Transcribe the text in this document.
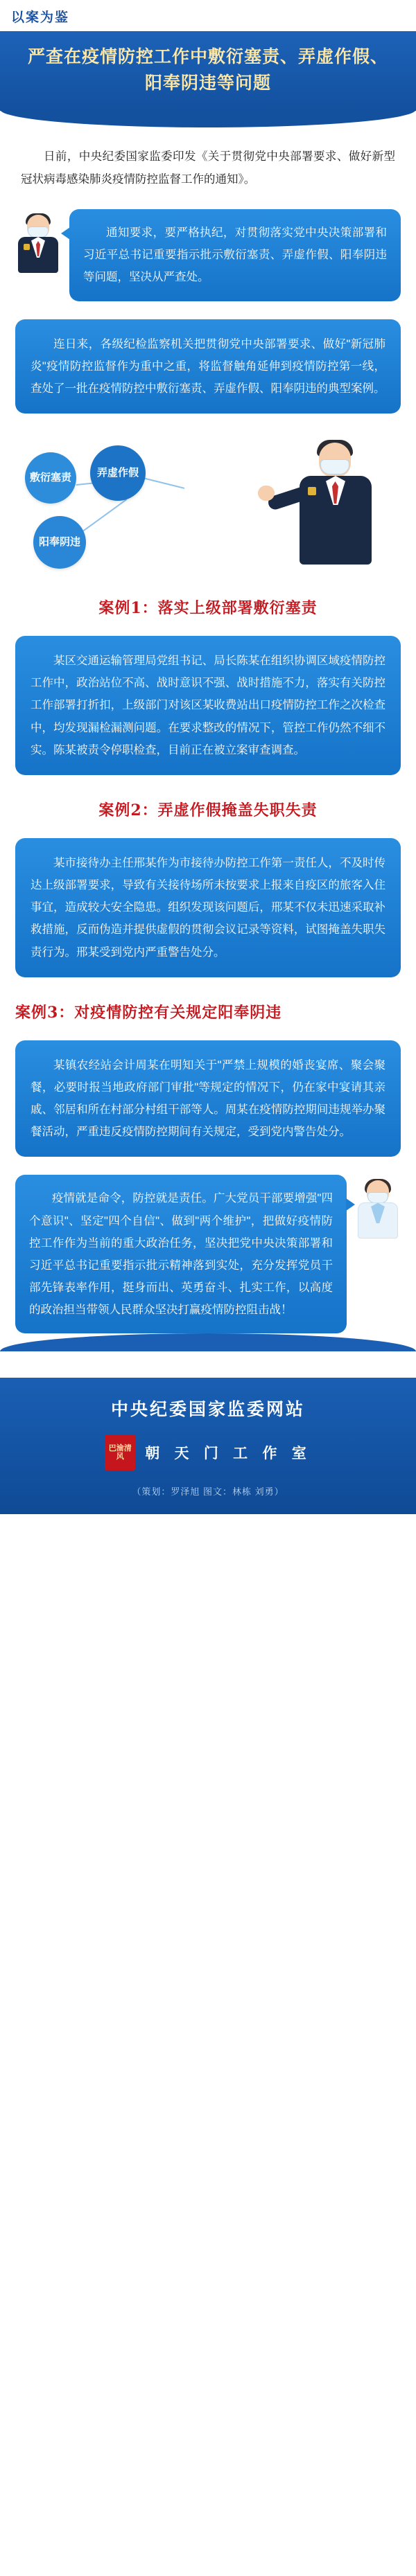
以案为鉴
严查在疫情防控工作中敷衍塞责、弄虚作假、阳奉阴违等问题

日前，中央纪委国家监委印发《关于贯彻党中央部署要求、做好新型冠状病毒感染肺炎疫情防控监督工作的通知》。

通知要求，要严格执纪，对贯彻落实党中央决策部署和习近平总书记重要指示批示敷衍塞责、弄虚作假、阳奉阴违等问题，坚决从严查处。
连日来，各级纪检监察机关把贯彻党中央部署要求、做好"新冠肺炎"疫情防控监督作为重中之重，将监督触角延伸到疫情防控第一线，查处了一批在疫情防控中敷衍塞责、弄虚作假、阳奉阴违的典型案例。
敷衍塞责 弄虚作假
阳奉阴违
案例1：落实上级部署敷衍塞责
某区交通运输管理局党组书记、局长陈某在组织协调区域疫情防控工作中，政治站位不高、战时意识不强、战时措施不力，落实有关防控工作部署打折扣，上级部门对该区某收费站出口疫情防控工作之次检查中，均发现漏检漏测问题。在要求整改的情况下，管控工作仍然不细不实。陈某被责令停职检查，目前正在被立案审查调查。
案例2：弄虚作假掩盖失职失责
某市接待办主任邢某作为市接待办防控工作第一责任人，不及时传达上级部署要求，导致有关接待场所未按要求上报来自疫区的旅客入住事宜，造成较大安全隐患。组织发现该问题后，邢某不仅未迅速采取补救措施，反而伪造并提供虚假的贯彻会议记录等资料，试图掩盖失职失责行为。邢某受到党内严重警告处分。
案例3：对疫情防控有关规定阳奉阴违
某镇农经站会计周某在明知关于"严禁上规模的婚丧宴席、聚会聚餐，必要时报当地政府部门审批"等规定的情况下，仍在家中宴请其亲戚、邻居和所在村部分村组干部等人。周某在疫情防控期间违规举办聚餐活动，严重违反疫情防控期间有关规定，受到党内警告处分。
疫情就是命令，防控就是责任。广大党员干部要增强"四个意识"、坚定"四个自信"、做到"两个维护"，把做好疫情防控工作作为当前的重大政治任务，坚决把党中央决策部署和习近平总书记重要指示批示精神落到实处，充分发挥党员干部先锋表率作用，挺身而出、英勇奋斗、扎实工作，以高度的政治担当带领人民群众坚决打赢疫情防控阻击战！
中央纪委国家监委网站
巴渝清风	朝 天 门 工 作 室
（策划：罗泽旭 图文：林栋 刘勇）
